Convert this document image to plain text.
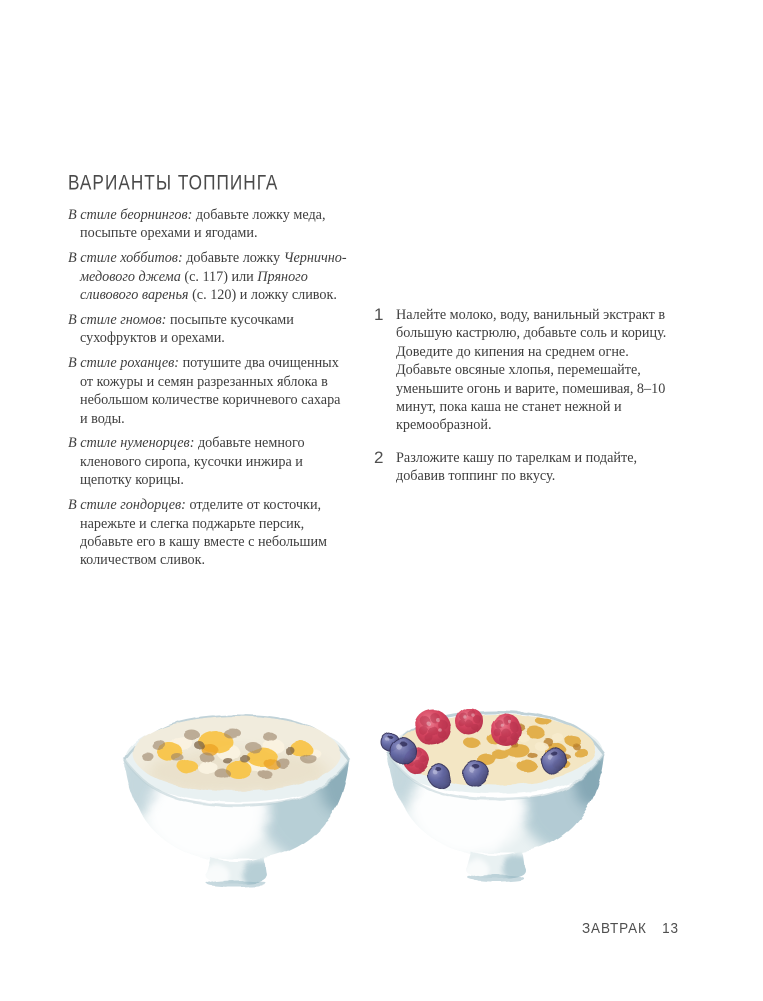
ВАРИАНТЫ ТОППИНГА

В стиле беорнингов: добавьте ложку меда, посыпьте орехами и ягодами.

В стиле хоббитов: добавьте ложку Чернично-медового джема (с. 117) или Пряного сливового варенья (с. 120) и ложку сливок.

В стиле гномов: посыпьте кусочками сухофруктов и орехами.

В стиле роханцев: потушите два очищенных от кожуры и семян разрезанных яблока в небольшом количестве коричневого сахара и воды.

В стиле нуменорцев: добавьте немного кленового сиропа, кусочки инжира и щепотку корицы.

В стиле гондорцев: отделите от косточки, нарежьте и слегка поджарьте персик, добавьте его в кашу вместе с небольшим количеством сливок.

1 Налейте молоко, воду, ванильный экстракт в большую кастрюлю, добавьте соль и корицу. Доведите до кипения на среднем огне. Добавьте овсяные хлопья, перемешайте, уменьшите огонь и варите, помешивая, 8–10 минут, пока каша не станет нежной и кремообразной.

2 Разложите кашу по тарелкам и подайте, добавив топпинг по вкусу.

ЗАВТРАК 13
